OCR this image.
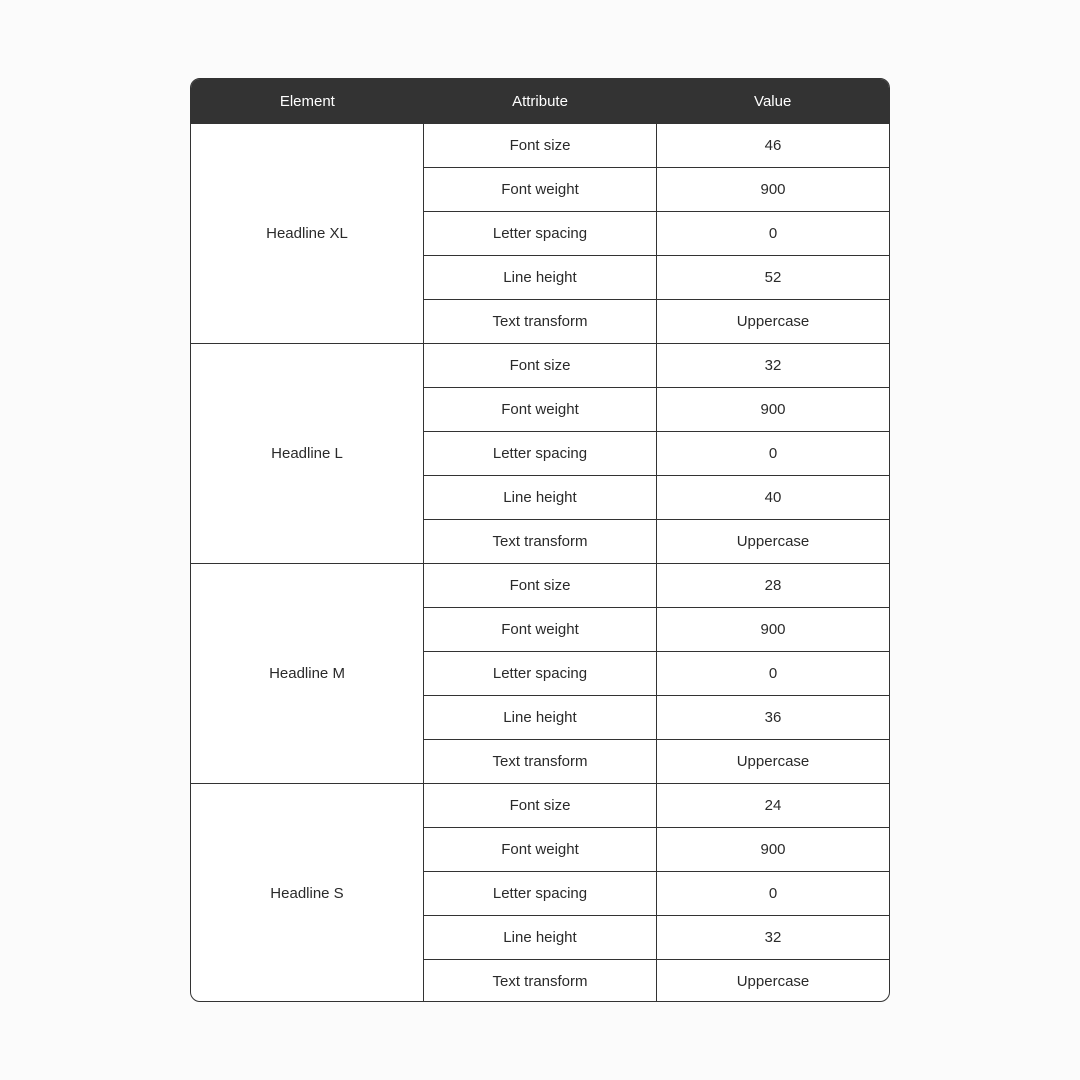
Element	Attribute	Value
Headline XL
Font size	46
Font weight	900
Letter spacing	0
Line height	52
Text transform	Uppercase
Headline L
Font size	32
Font weight	900
Letter spacing	0
Line height	40
Text transform	Uppercase
Headline M
Font size	28
Font weight	900
Letter spacing	0
Line height	36
Text transform	Uppercase
Headline S
Font size	24
Font weight	900
Letter spacing	0
Line height	32
Text transform	Uppercase
